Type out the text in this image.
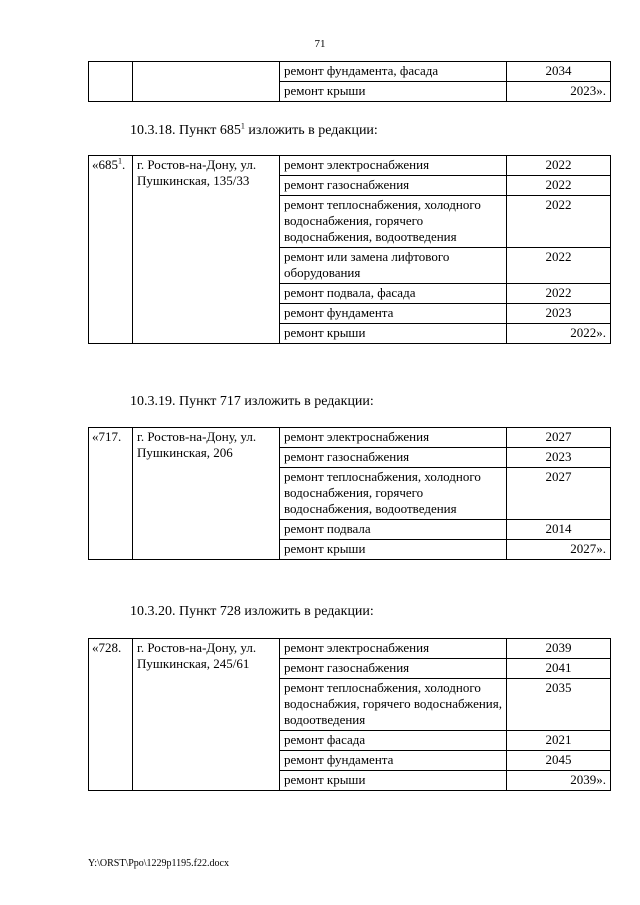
71
		ремонт фундамента, фасада	2034
		ремонт крыши	2023».
10.3.18. Пункт $685^1$ изложить в редакции:
«$685^1$.	г. Ростов-на-Дону, ул. Пушкинская, 135/33	ремонт электроснабжения	2022
		ремонт газоснабжения	2022
		ремонт теплоснабжения, холодного водоснабжения, горячего водоснабжения, водоотведения	2022
		ремонт или замена лифтового оборудования	2022
		ремонт подвала, фасада	2022
		ремонт фундамента	2023
		ремонт крыши	2022».
10.3.19. Пункт 717 изложить в редакции:
«717.	г. Ростов-на-Дону, ул. Пушкинская, 206	ремонт электроснабжения	2027
		ремонт газоснабжения	2023
		ремонт теплоснабжения, холодного водоснабжения, горячего водоснабжения, водоотведения	2027
		ремонт подвала	2014
		ремонт крыши	2027».
10.3.20. Пункт 728 изложить в редакции:
«728.	г. Ростов-на-Дону, ул. Пушкинская, 245/61	ремонт электроснабжения	2039
		ремонт газоснабжения	2041
		ремонт теплоснабжения, холодного водоснабжия, горячего водоснабжения, водоотведения	2035
		ремонт фасада	2021
		ремонт фундамента	2045
		ремонт крыши	2039».
Y:\ORST\Ppo\1229p1195.f22.docx
